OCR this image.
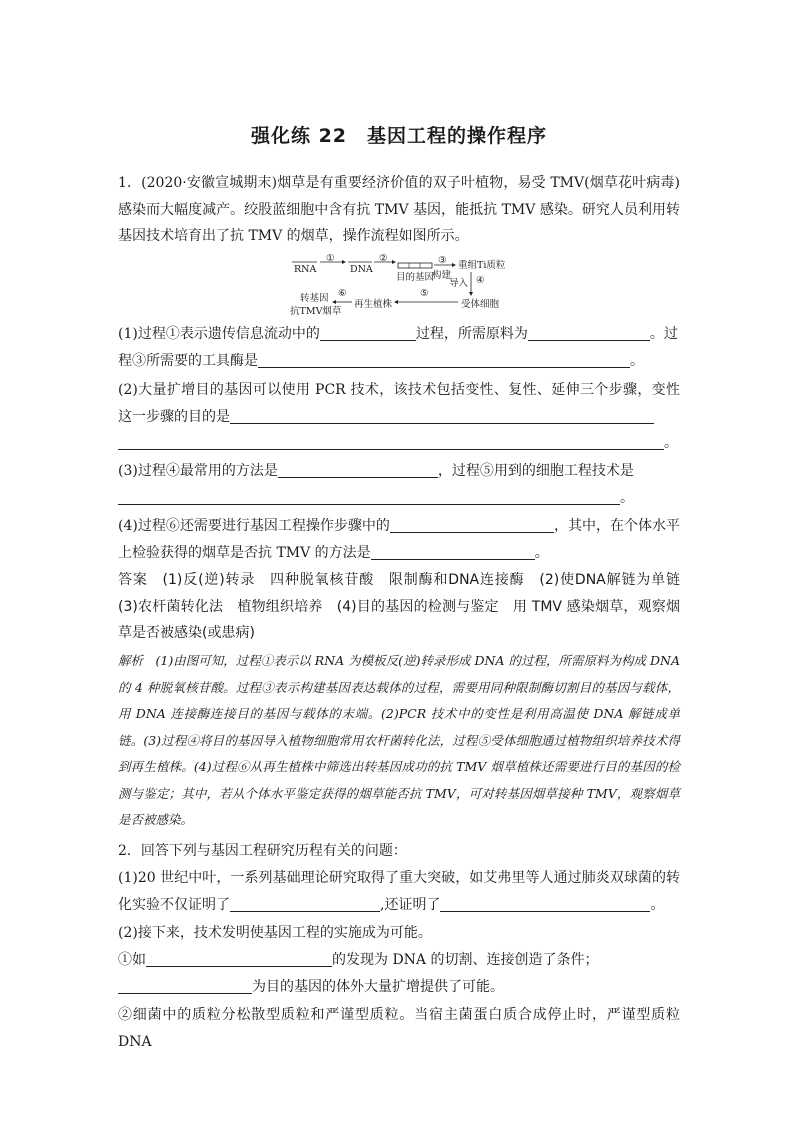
强化练 22　基因工程的操作程序
1．(2020·安徽宣城期末)烟草是有重要经济价值的双子叶植物，易受 TMV(烟草花叶病毒)感染而大幅度减产。绞股蓝细胞中含有抗 TMV 基因，能抵抗 TMV 感染。研究人员利用转基因技术培育出了抗 TMV 的烟草，操作流程如图所示。
RNA
①
DNA
②
目的基因
③
构建
重组Ti质粒
导入 ④
⑤
受体细胞
再生植株
⑥
转基因
抗TMV烟草
(1)过程①表示遗传信息流动中的	过程，所需原料为	。过
程③所需要的工具酶是	。
(2)大量扩增目的基因可以使用 PCR 技术，该技术包括变性、复性、延伸三个步骤，变性这一步骤的目的是
。
(3)过程④最常用的方法是	，过程⑤用到的细胞工程技术是
。
(4)过程⑥还需要进行基因工程操作步骤中的	，其中，在个体水平上检验获得的烟草是否抗 TMV 的方法是	。
答案　(1)反(逆)转录　四种脱氧核苷酸　限制酶和DNA连接酶　(2)使DNA解链为单链　(3)农杆菌转化法　植物组织培养　(4)目的基因的检测与鉴定　用 TMV 感染烟草，观察烟草是否被感染(或患病)
解析　(1)由图可知，过程①表示以 RNA 为模板反(逆)转录形成 DNA 的过程，所需原料为构成 DNA 的 4 种脱氧核苷酸。过程③表示构建基因表达载体的过程，需要用同种限制酶切割目的基因与载体，用 DNA 连接酶连接目的基因与载体的末端。(2)PCR 技术中的变性是利用高温使 DNA 解链成单链。(3)过程④将目的基因导入植物细胞常用农杆菌转化法，过程⑤受体细胞通过植物组织培养技术得到再生植株。(4)过程⑥从再生植株中筛选出转基因成功的抗 TMV 烟草植株还需要进行目的基因的检测与鉴定；其中，若从个体水平鉴定获得的烟草能否抗 TMV，可对转基因烟草接种 TMV，观察烟草是否被感染。
2．回答下列与基因工程研究历程有关的问题：
(1)20 世纪中叶，一系列基础理论研究取得了重大突破，如艾弗里等人通过肺炎双球菌的转化实验不仅证明了	,还证明了	。
(2)接下来，技术发明使基因工程的实施成为可能。
①如	的发现为 DNA 的切割、连接创造了条件；
为目的基因的体外大量扩增提供了可能。
②细菌中的质粒分松散型质粒和严谨型质粒。当宿主菌蛋白质合成停止时，严谨型质粒 DNA
